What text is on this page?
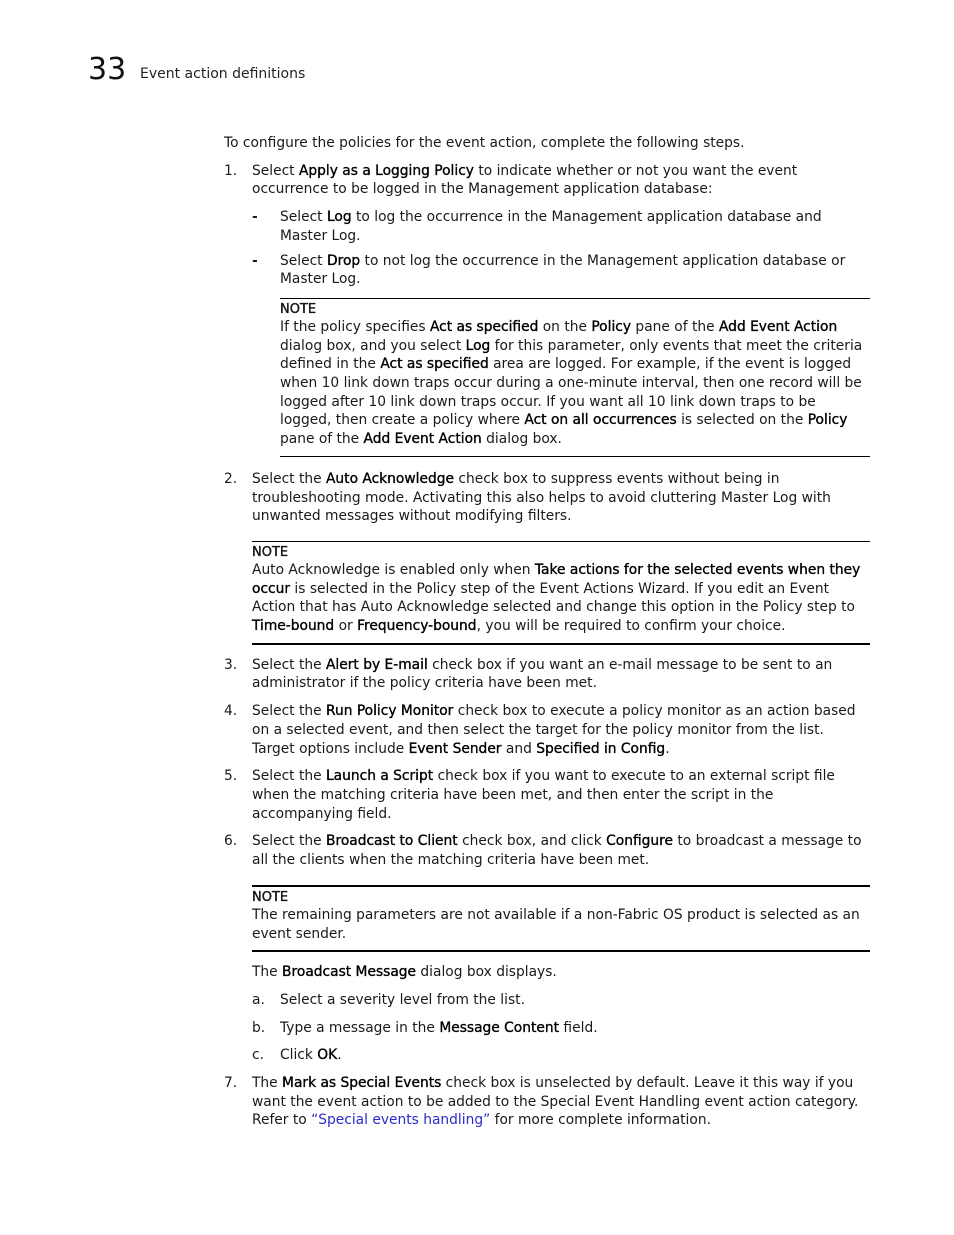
33 Event action definitions

To configure the policies for the event action, complete the following steps.

1. Select Apply as a Logging Policy to indicate whether or not you want the event occurrence to be logged in the Management application database:

- Select Log to log the occurrence in the Management application database and Master Log.

- Select Drop to not log the occurrence in the Management application database or Master Log.

NOTE

If the policy specifies Act as specified on the Policy pane of the Add Event Action dialog box, and you select Log for this parameter, only events that meet the criteria defined in the Act as specified area are logged. For example, if the event is logged when 10 link down traps occur during a one-minute interval, then one record will be logged after 10 link down traps occur. If you want all 10 link down traps to be logged, then create a policy where Act on all occurrences is selected on the Policy pane of the Add Event Action dialog box.

2. Select the Auto Acknowledge check box to suppress events without being in troubleshooting mode. Activating this also helps to avoid cluttering Master Log with unwanted messages without modifying filters.

NOTE

Auto Acknowledge is enabled only when Take actions for the selected events when they occur is selected in the Policy step of the Event Actions Wizard. If you edit an Event Action that has Auto Acknowledge selected and change this option in the Policy step to Time-bound or Frequency-bound, you will be required to confirm your choice.

3. Select the Alert by E-mail check box if you want an e-mail message to be sent to an administrator if the policy criteria have been met.

4. Select the Run Policy Monitor check box to execute a policy monitor as an action based on a selected event, and then select the target for the policy monitor from the list. Target options include Event Sender and Specified in Config.

5. Select the Launch a Script check box if you want to execute to an external script file when the matching criteria have been met, and then enter the script in the accompanying field.

6. Select the Broadcast to Client check box, and click Configure to broadcast a message to all the clients when the matching criteria have been met.

NOTE

The remaining parameters are not available if a non-Fabric OS product is selected as an event sender.

The Broadcast Message dialog box displays.

a. Select a severity level from the list.

b. Type a message in the Message Content field.

c. Click OK.

7. The Mark as Special Events check box is unselected by default. Leave it this way if you want the event action to be added to the Special Event Handling event action category. Refer to “Special events handling” for more complete information.
